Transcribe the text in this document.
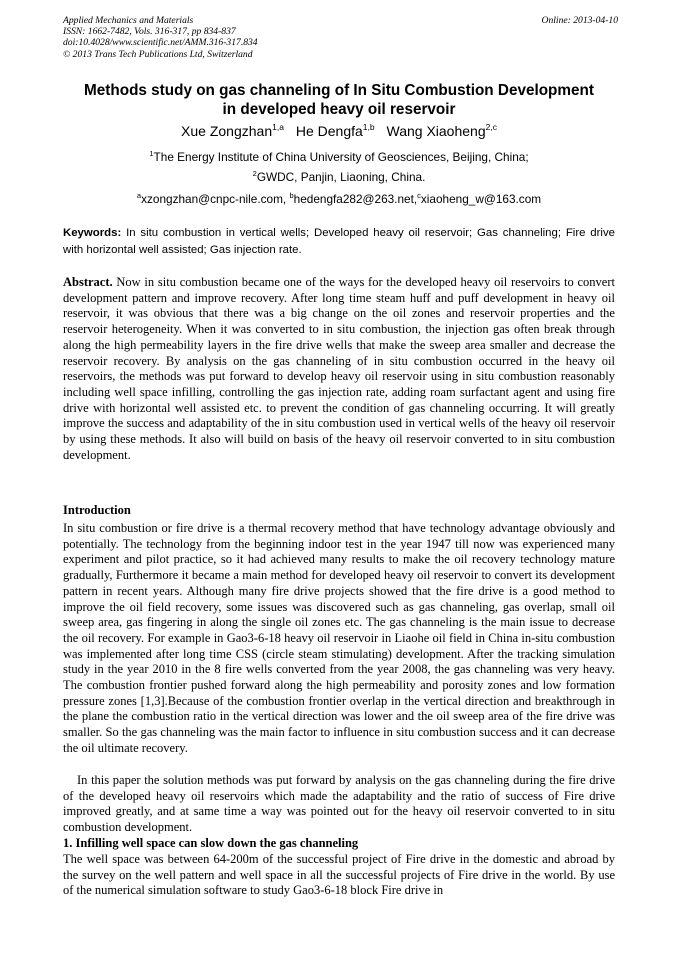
Applied Mechanics and Materials
ISSN: 1662-7482, Vols. 316-317, pp 834-837
doi:10.4028/www.scientific.net/AMM.316-317.834
© 2013 Trans Tech Publications Ltd, Switzerland
Online: 2013-04-10
Methods study on gas channeling of In Situ Combustion Development
in developed heavy oil reservoir
Xue Zongzhan$^{1,a}$ He Dengfa$^{1,b}$ Wang Xiaoheng$^{2,c}$
$^1$The Energy Institute of China University of Geosciences, Beijing, China;
$^2$GWDC, Panjin, Liaoning, China.
$^a$xzongzhan@cnpc-nile.com, $^b$hedengfa282@263.net,$^c$xiaoheng_w@163.com
Keywords: In situ combustion in vertical wells; Developed heavy oil reservoir; Gas channeling; Fire drive with horizontal well assisted; Gas injection rate.

Abstract. Now in situ combustion became one of the ways for the developed heavy oil reservoirs to convert development pattern and improve recovery. After long time steam huff and puff development in heavy oil reservoir, it was obvious that there was a big change on the oil zones and reservoir properties and the reservoir heterogeneity. When it was converted to in situ combustion, the injection gas often break through along the high permeability layers in the fire drive wells that make the sweep area smaller and decrease the reservoir recovery. By analysis on the gas channeling of in situ combustion occurred in the heavy oil reservoirs, the methods was put forward to develop heavy oil reservoir using in situ combustion reasonably including well space infilling, controlling the gas injection rate, adding roam surfactant agent and using fire drive with horizontal well assisted etc. to prevent the condition of gas channeling occurring. It will greatly improve the success and adaptability of the in situ combustion used in vertical wells of the heavy oil reservoir by using these methods. It also will build on basis of the heavy oil reservoir converted to in situ combustion development.

Introduction

In situ combustion or fire drive is a thermal recovery method that have technology advantage obviously and potentially. The technology from the beginning indoor test in the year 1947 till now was experienced many experiment and pilot practice, so it had achieved many results to make the oil recovery technology mature gradually, Furthermore it became a main method for developed heavy oil reservoir to convert its development pattern in recent years. Although many fire drive projects showed that the fire drive is a good method to improve the oil field recovery, some issues was discovered such as gas channeling, gas overlap, small oil sweep area, gas fingering in along the single oil zones etc. The gas channeling is the main issue to decrease the oil recovery. For example in Gao3-6-18 heavy oil reservoir in Liaohe oil field in China in-situ combustion was implemented after long time CSS (circle steam stimulating) development. After the tracking simulation study in the year 2010 in the 8 fire wells converted from the year 2008, the gas channeling was very heavy. The combustion frontier pushed forward along the high permeability and porosity zones and low formation pressure zones [1,3].Because of the combustion frontier overlap in the vertical direction and breakthrough in the plane the combustion ratio in the vertical direction was lower and the oil sweep area of the fire drive was smaller. So the gas channeling was the main factor to influence in situ combustion success and it can decrease the oil ultimate recovery.

In this paper the solution methods was put forward by analysis on the gas channeling during the fire drive of the developed heavy oil reservoirs which made the adaptability and the ratio of success of Fire drive improved greatly, and at same time a way was pointed out for the heavy oil reservoir converted to in situ combustion development.

1. Infilling well space can slow down the gas channeling

The well space was between 64-200m of the successful project of Fire drive in the domestic and abroad by the survey on the well pattern and well space in all the successful projects of Fire drive in the world. By use of the numerical simulation software to study Gao3-6-18 block Fire drive in
